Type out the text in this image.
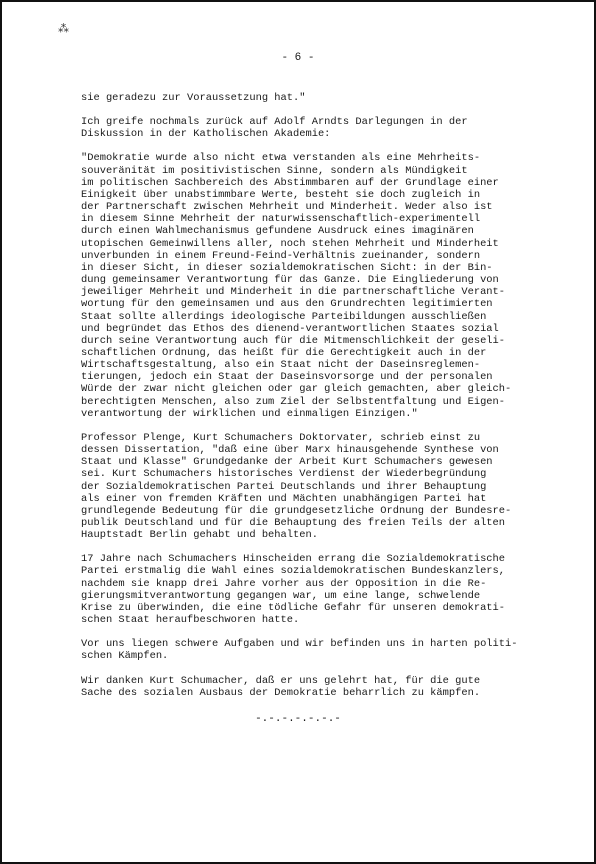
⁂
- 6 -
sie geradezu zur Voraussetzung hat."
Ich greife nochmals zurück auf Adolf Arndts Darlegungen in der
Diskussion in der Katholischen Akademie:
"Demokratie wurde also nicht etwa verstanden als eine Mehrheits-
souveränität im positivistischen Sinne, sondern als Mündigkeit
im politischen Sachbereich des Abstimmbaren auf der Grundlage einer
Einigkeit über unabstimmbare Werte, besteht sie doch zugleich in
der Partnerschaft zwischen Mehrheit und Minderheit. Weder also ist
in diesem Sinne Mehrheit der naturwissenschaftlich-experimentell
durch einen Wahlmechanismus gefundene Ausdruck eines imaginären
utopischen Gemeinwillens aller, noch stehen Mehrheit und Minderheit
unverbunden in einem Freund-Feind-Verhältnis zueinander, sondern
in dieser Sicht, in dieser sozialdemokratischen Sicht: in der Bin-
dung gemeinsamer Verantwortung für das Ganze. Die Eingliederung von
jeweiliger Mehrheit und Minderheit in die partnerschaftliche Verant-
wortung für den gemeinsamen und aus den Grundrechten legitimierten
Staat sollte allerdings ideologische Parteibildungen ausschließen
und begründet das Ethos des dienend-verantwortlichen Staates sozial
durch seine Verantwortung auch für die Mitmenschlichkeit der geseli-
schaftlichen Ordnung, das heißt für die Gerechtigkeit auch in der
Wirtschaftsgestaltung, also ein Staat nicht der Daseinsreglemen-
tierungen, jedoch ein Staat der Daseinsvorsorge und der personalen
Würde der zwar nicht gleichen oder gar gleich gemachten, aber gleich-
berechtigten Menschen, also zum Ziel der Selbstentfaltung und Eigen-
verantwortung der wirklichen und einmaligen Einzigen."
Professor Plenge, Kurt Schumachers Doktorvater, schrieb einst zu
dessen Dissertation, "daß eine über Marx hinausgehende Synthese von
Staat und Klasse" Grundgedanke der Arbeit Kurt Schumachers gewesen
sei. Kurt Schumachers historisches Verdienst der Wiederbegründung
der Sozialdemokratischen Partei Deutschlands und ihrer Behauptung
als einer von fremden Kräften und Mächten unabhängigen Partei hat
grundlegende Bedeutung für die grundgesetzliche Ordnung der Bundesre-
publik Deutschland und für die Behauptung des freien Teils der alten
Hauptstadt Berlin gehabt und behalten.
17 Jahre nach Schumachers Hinscheiden errang die Sozialdemokratische
Partei erstmalig die Wahl eines sozialdemokratischen Bundeskanzlers,
nachdem sie knapp drei Jahre vorher aus der Opposition in die Re-
gierungsmitverantwortung gegangen war, um eine lange, schwelende
Krise zu überwinden, die eine tödliche Gefahr für unseren demokrati-
schen Staat heraufbeschworen hatte.
Vor uns liegen schwere Aufgaben und wir befinden uns in harten politi-
schen Kämpfen.
Wir danken Kurt Schumacher, daß er uns gelehrt hat, für die gute
Sache des sozialen Ausbaus der Demokratie beharrlich zu kämpfen.
-.-.-.-.-.-.-
